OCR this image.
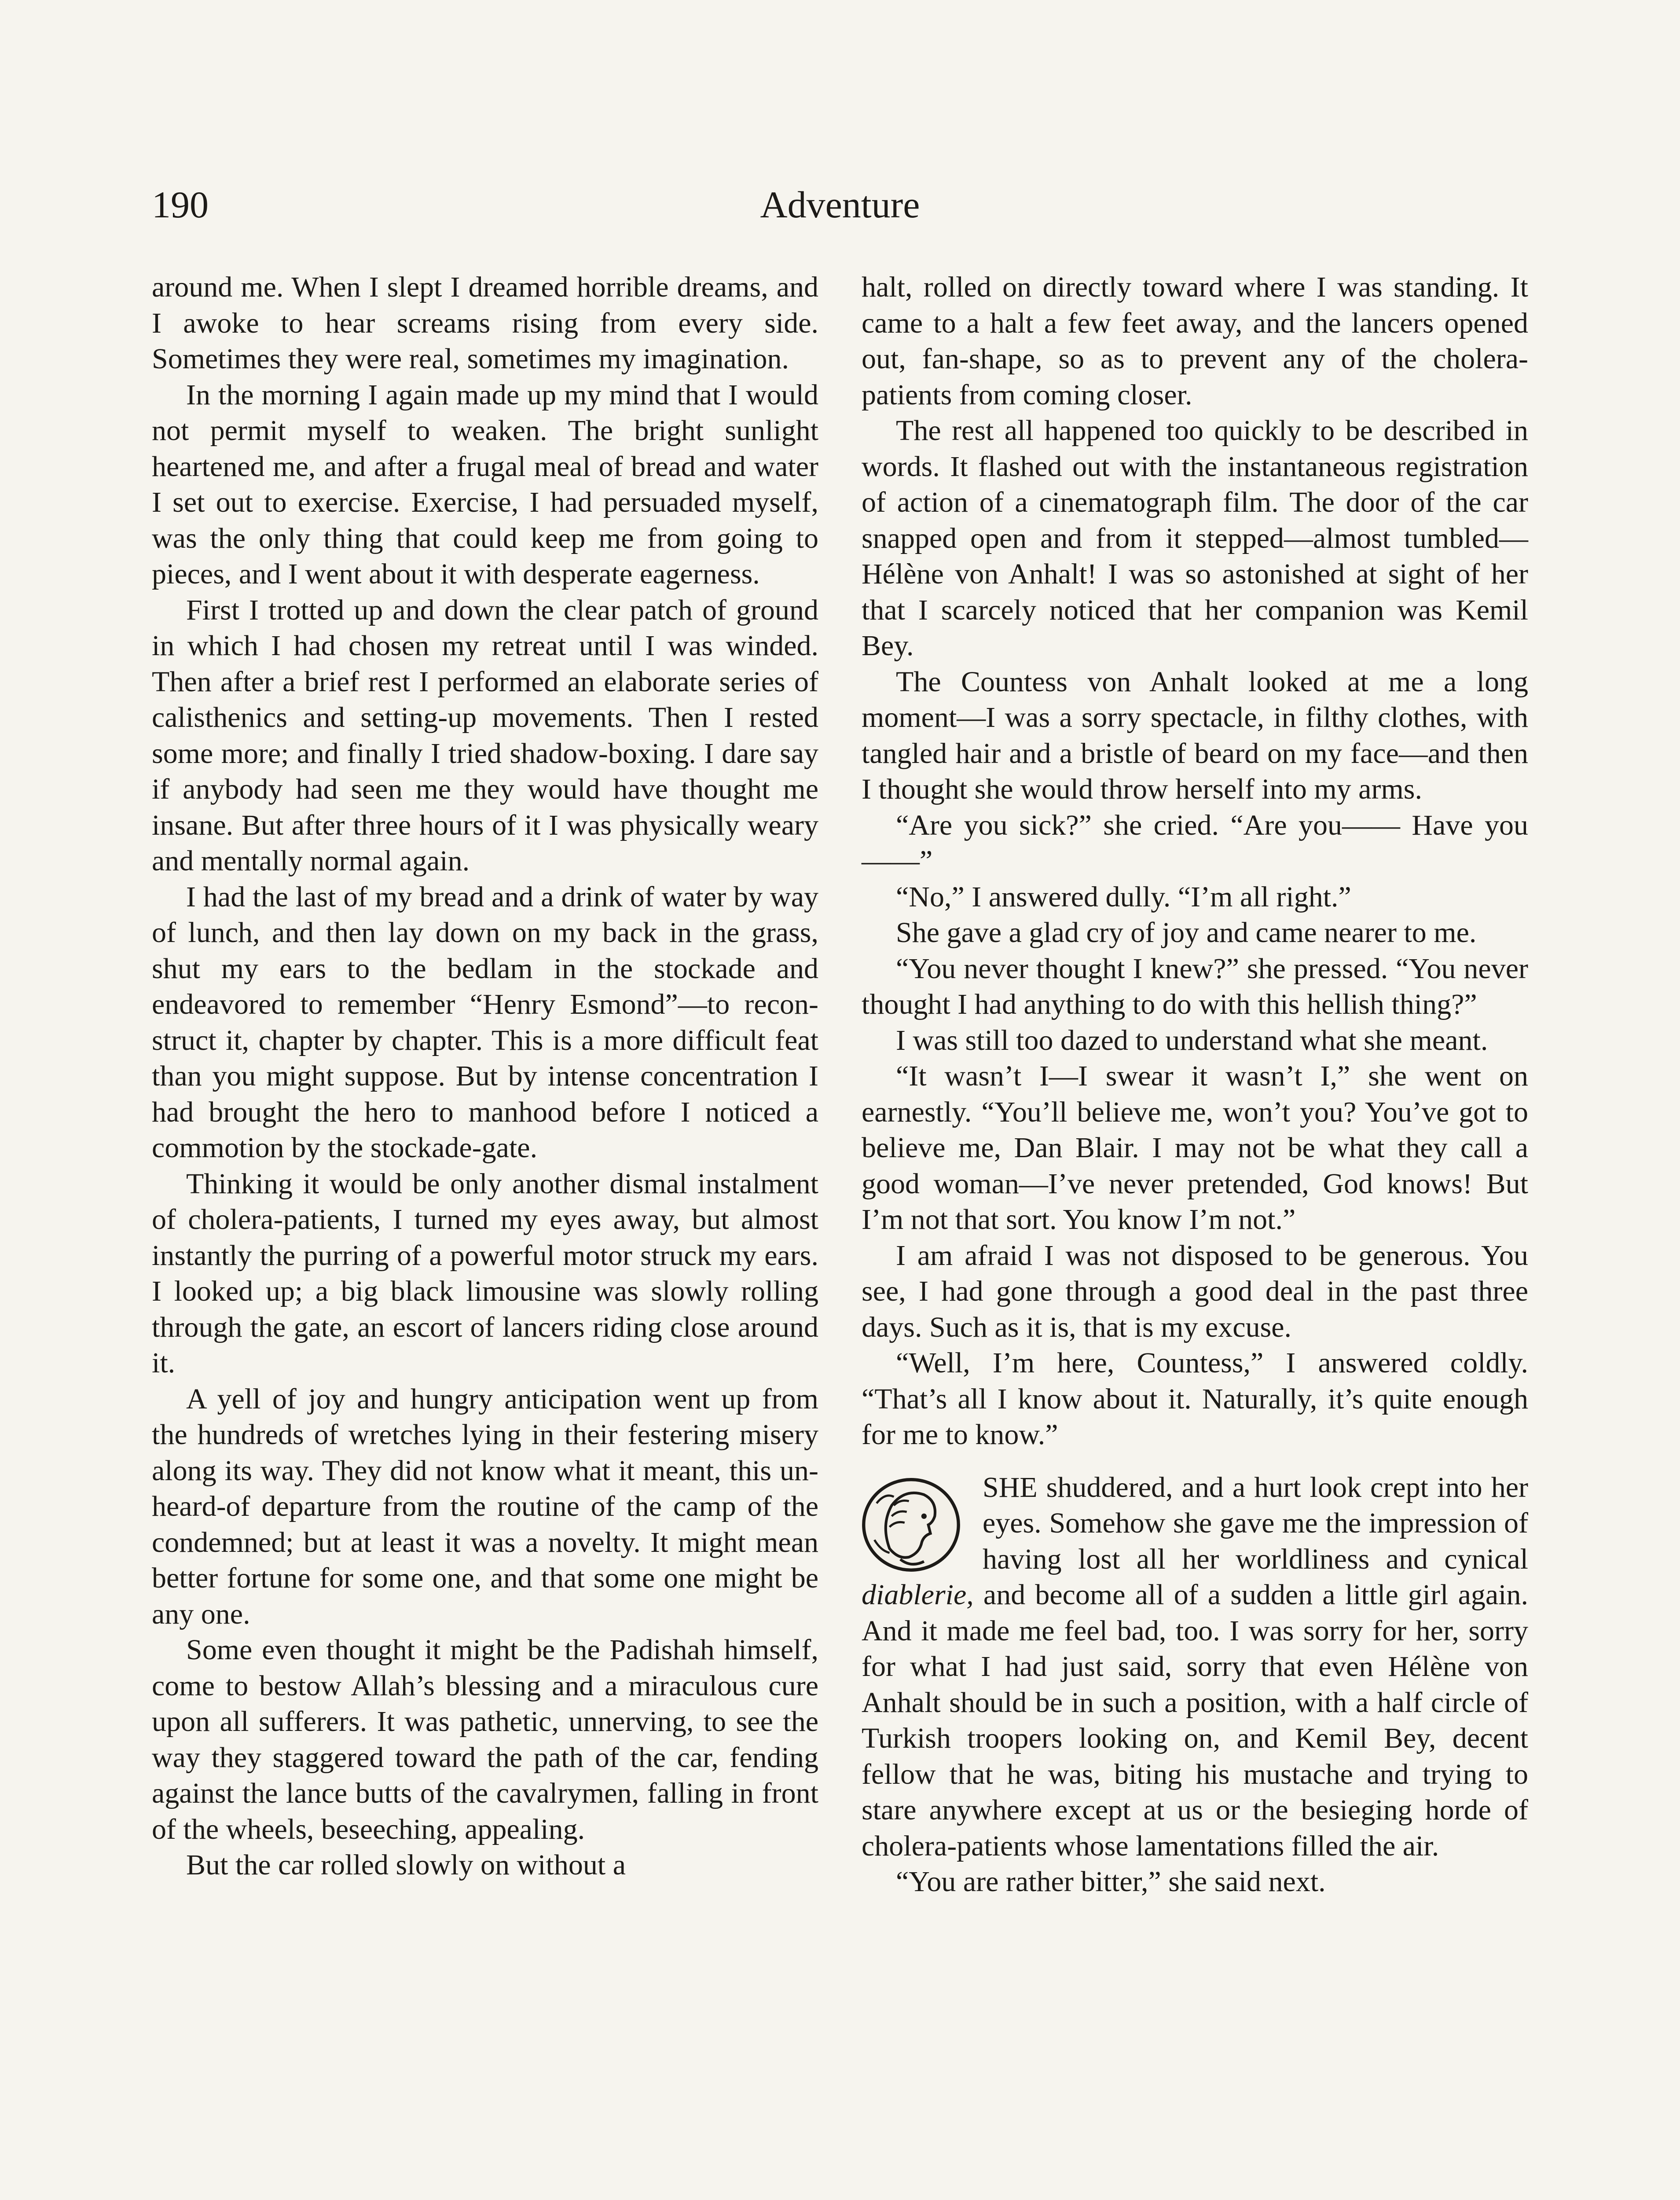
190	Adventure

around me. When I slept I dreamed horrible dreams, and I awoke to hear screams rising from every side. Sometimes they were real, sometimes my imagination.

In the morning I again made up my mind that I would not permit myself to weaken. The bright sunlight heartened me, and after a frugal meal of bread and water I set out to exercise. Exercise, I had persuaded myself, was the only thing that could keep me from going to pieces, and I went about it with desperate eagerness.

First I trotted up and down the clear patch of ground in which I had chosen my retreat until I was winded. Then after a brief rest I performed an elaborate series of calisthenics and setting-up movements. Then I rested some more; and finally I tried shadow-boxing. I dare say if anybody had seen me they would have thought me insane. But after three hours of it I was physically weary and mentally normal again.

I had the last of my bread and a drink of water by way of lunch, and then lay down on my back in the grass, shut my ears to the bedlam in the stockade and endeavored to remember “Henry Esmond”—to reconstruct it, chapter by chapter. This is a more difficult feat than you might suppose. But by intense concentration I had brought the hero to manhood before I noticed a commotion by the stockade-gate.

Thinking it would be only another dismal instalment of cholera-patients, I turned my eyes away, but almost instantly the purring of a powerful motor struck my ears. I looked up; a big black limousine was slowly rolling through the gate, an escort of lancers riding close around it.

A yell of joy and hungry anticipation went up from the hundreds of wretches lying in their festering misery along its way. They did not know what it meant, this unheard-of departure from the routine of the camp of the condemned; but at least it was a novelty. It might mean better fortune for some one, and that some one might be any one.

Some even thought it might be the Padishah himself, come to bestow Allah’s blessing and a miraculous cure upon all sufferers. It was pathetic, unnerving, to see the way they staggered toward the path of the car, fending against the lance butts of the cavalrymen, falling in front of the wheels, beseeching, appealing.

But the car rolled slowly on without a

halt, rolled on directly toward where I was standing. It came to a halt a few feet away, and the lancers opened out, fan-shape, so as to prevent any of the cholera-patients from coming closer.

The rest all happened too quickly to be described in words. It flashed out with the instantaneous registration of action of a cinematograph film. The door of the car snapped open and from it stepped—almost tumbled—Hélène von Anhalt! I was so astonished at sight of her that I scarcely noticed that her companion was Kemil Bey.

The Countess von Anhalt looked at me a long moment—I was a sorry spectacle, in filthy clothes, with tangled hair and a bristle of beard on my face—and then I thought she would throw herself into my arms.

“Are you sick?” she cried. “Are you—— Have you——”

“No,” I answered dully. “I’m all right.”

She gave a glad cry of joy and came nearer to me.

“You never thought I knew?” she pressed. “You never thought I had anything to do with this hellish thing?”

I was still too dazed to understand what she meant.

“It wasn’t I—I swear it wasn’t I,” she went on earnestly. “You’ll believe me, won’t you? You’ve got to believe me, Dan Blair. I may not be what they call a good woman—I’ve never pretended, God knows! But I’m not that sort. You know I’m not.”

I am afraid I was not disposed to be generous. You see, I had gone through a good deal in the past three days. Such as it is, that is my excuse.

“Well, I’m here, Countess,” I answered coldly. “That’s all I know about it. Naturally, it’s quite enough for me to know.”

SHE shuddered, and a hurt look crept into her eyes. Somehow she gave me the impression of having lost all her worldliness and cynical diablerie, and become all of a sudden a little girl again. And it made me feel bad, too. I was sorry for her, sorry for what I had just said, sorry that even Hélène von Anhalt should be in such a position, with a half circle of Turkish troopers looking on, and Kemil Bey, decent fellow that he was, biting his mustache and trying to stare anywhere except at us or the besieging horde of cholera-patients whose lamentations filled the air.

“You are rather bitter,” she said next.
